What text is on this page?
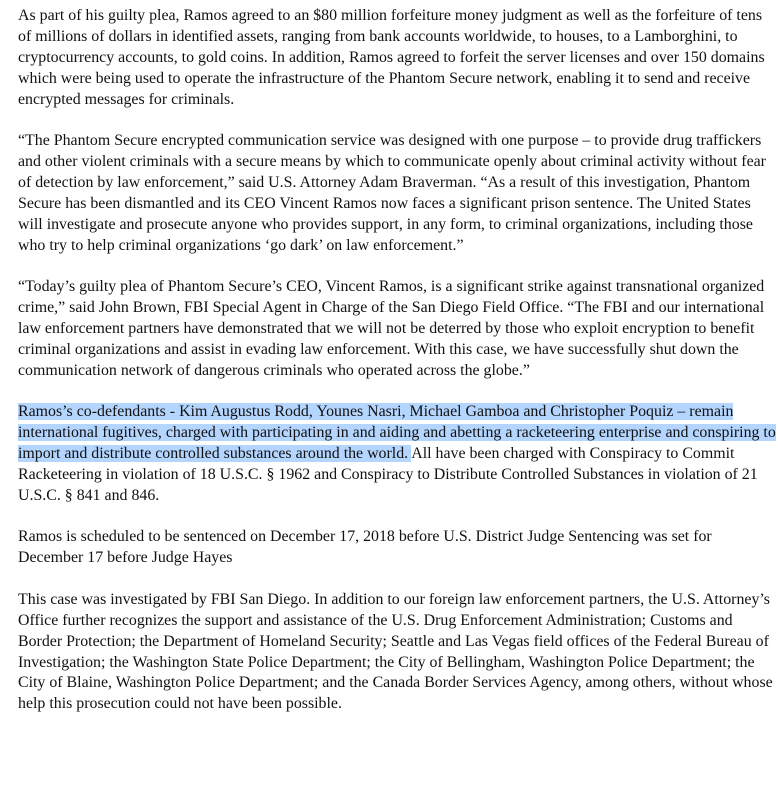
As part of his guilty plea, Ramos agreed to an $80 million forfeiture money judgment as well as the forfeiture of tens of millions of dollars in identified assets, ranging from bank accounts worldwide, to houses, to a Lamborghini, to cryptocurrency accounts, to gold coins. In addition, Ramos agreed to forfeit the server licenses and over 150 domains which were being used to operate the infrastructure of the Phantom Secure network, enabling it to send and receive encrypted messages for criminals.

“The Phantom Secure encrypted communication service was designed with one purpose – to provide drug traffickers and other violent criminals with a secure means by which to communicate openly about criminal activity without fear of detection by law enforcement,” said U.S. Attorney Adam Braverman. “As a result of this investigation, Phantom Secure has been dismantled and its CEO Vincent Ramos now faces a significant prison sentence. The United States will investigate and prosecute anyone who provides support, in any form, to criminal organizations, including those who try to help criminal organizations ‘go dark’ on law enforcement.”

“Today’s guilty plea of Phantom Secure’s CEO, Vincent Ramos, is a significant strike against transnational organized crime,” said John Brown, FBI Special Agent in Charge of the San Diego Field Office. “The FBI and our international law enforcement partners have demonstrated that we will not be deterred by those who exploit encryption to benefit criminal organizations and assist in evading law enforcement. With this case, we have successfully shut down the communication network of dangerous criminals who operated across the globe.”

Ramos’s co-defendants - Kim Augustus Rodd, Younes Nasri, Michael Gamboa and Christopher Poquiz – remain international fugitives, charged with participating in and aiding and abetting a racketeering enterprise and conspiring to import and distribute controlled substances around the world. All have been charged with Conspiracy to Commit Racketeering in violation of 18 U.S.C. § 1962 and Conspiracy to Distribute Controlled Substances in violation of 21 U.S.C. § 841 and 846.

Ramos is scheduled to be sentenced on December 17, 2018 before U.S. District Judge Sentencing was set for December 17 before Judge Hayes

This case was investigated by FBI San Diego. In addition to our foreign law enforcement partners, the U.S. Attorney’s Office further recognizes the support and assistance of the U.S. Drug Enforcement Administration; Customs and Border Protection; the Department of Homeland Security; Seattle and Las Vegas field offices of the Federal Bureau of Investigation; the Washington State Police Department; the City of Bellingham, Washington Police Department; the City of Blaine, Washington Police Department; and the Canada Border Services Agency, among others, without whose help this prosecution could not have been possible.
